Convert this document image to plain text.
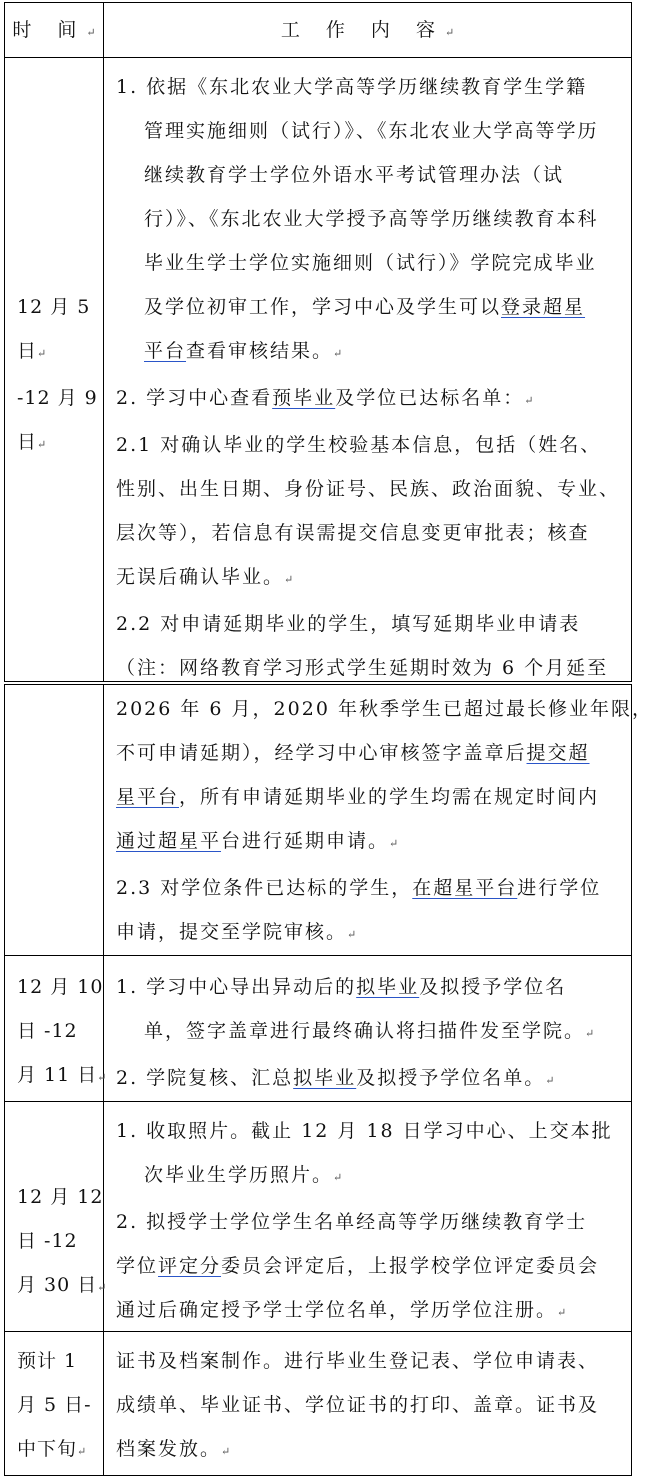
时 间↵	工 作 内 容↵
12 月 5
日↵
-12 月 9
日↵
1. 依据《东北农业大学高等学历继续教育学生学籍
管理实施细则（试行）》、《东北农业大学高等学历
继续教育学士学位外语水平考试管理办法（试
行）》、《东北农业大学授予高等学历继续教育本科
毕业生学士学位实施细则（试行）》学院完成毕业
及学位初审工作，学习中心及学生可以登录超星
平台查看审核结果。↵
2. 学习中心查看预毕业及学位已达标名单：↵
2.1 对确认毕业的学生校验基本信息，包括（姓名、
性别、出生日期、身份证号、民族、政治面貌、专业、
层次等），若信息有误需提交信息变更审批表；核查
无误后确认毕业。↵
2.2 对申请延期毕业的学生，填写延期毕业申请表
（注：网络教育学习形式学生延期时效为 6 个月延至
2026 年 6 月，2020 年秋季学生已超过最长修业年限，
不可申请延期），经学习中心审核签字盖章后提交超
星平台，所有申请延期毕业的学生均需在规定时间内
通过超星平台进行延期申请。↵
2.3 对学位条件已达标的学生，在超星平台进行学位
申请，提交至学院审核。↵
12 月 10
日 -12
月 11 日↵
1. 学习中心导出异动后的拟毕业及拟授予学位名
单，签字盖章进行最终确认将扫描件发至学院。↵
2. 学院复核、汇总拟毕业及拟授予学位名单。↵
12 月 12
日 -12
月 30 日↵
1. 收取照片。截止 12 月 18 日学习中心、上交本批
次毕业生学历照片。↵
2. 拟授学士学位学生名单经高等学历继续教育学士
学位评定分委员会评定后，上报学校学位评定委员会
通过后确定授予学士学位名单，学历学位注册。↵
预计 1
月 5 日-
中下旬↵
证书及档案制作。进行毕业生登记表、学位申请表、
成绩单、毕业证书、学位证书的打印、盖章。证书及
档案发放。↵
